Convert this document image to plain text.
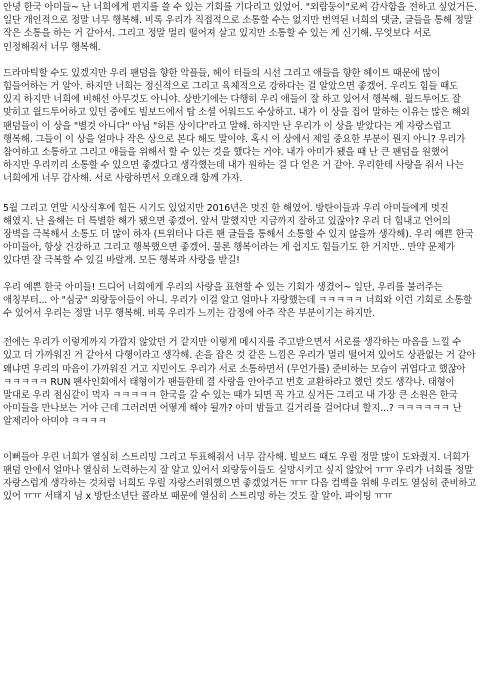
안녕 한국 아미들~ 난 너희에게 편지를 쓸 수 있는 기회를 기다리고 있었어. "외람둥이"로써 감사함을 전하고 싶었거든. 일단 개인적으로 정말 너무 행복해. 비록 우리가 직접적으로 소통할 수는 없지만 번역된 너희의 댓글, 글들을 통해 정말 작은 소통을 하는 거 같아서. 그리고 정말 멀리 떨어져 살고 있지만 소통할 수 있는 게 신기해. 무엇보다 서로 인정해줘서 너무 행복해.

드라마틱할 수도 있겠지만 우리 팬덤을 향한 악플들, 헤이 터들의 시선 그리고 애들을 향한 헤이트 때문에 많이 힘들어하는 거 알아. 하지만 너희는 정신적으로 그리고 육체적으로 강하다는 걸 알았으면 좋겠어. 우리도 힘들 때도 있지 하지만 너희에 비해선 아무것도 아니야. 상반기에는 다행히 우리 애들이 잘 하고 있어서 행복해. 월드투어도 잘 맞히고 월드투어하고 있던 중에도 빌보드에서 탑 소셜 어워드도 수상하고. 내가 이 상을 집어 말하는 이유는 많은 해외 팬덤들이 이 상을 "별것 아니다" 아님 "허튼 상이다"라고 말해. 하지만 난 우리가 이 상을 받았다는 게 자랑스럽고 행복해. 그들이 이 상을 얼마나 작은 상으로 본다 해도 말이야. 혹시 이 상에서 제일 중요한 부분이 뭔지 아니? 우리가 참여하고 소통하고 그리고 애들을 위해서 할 수 있는 것을 했다는 거야. 내가 아미가 됐을 때 난 큰 팬덤을 원했어 하지만 우리끼리 소통할 수 있으면 좋겠다고 생각했는데 내가 원하는 걸 다 얻은 거 같아. 우리한테 사랑을 줘서 나는 너희에게 너무 감사해. 서로 사랑하면서 오래오래 함께 가자.

5월 그리고 연말 시상식후에 힘든 시기도 있었지만 2016년은 멋진 한 해였어. 방탄이들과 우리 아미들에게 멋진 해였지. 난 올해는 더 특별한 해가 됐으면 좋겠어. 앞서 말했지만 지금까지 잘하고 있잖아? 우리 더 힘내고 언어의 장벽을 극복해서 소통도 더 많이 하자 (트위터나 다른 팬 글들을 통해서 소통할 수 있지 않을까 생각해). 우리 예쁜 한국 아미들아, 항상 건강하고 그리고 행복했으면 좋겠어. 물론 행복이라는 게 쉽지도 힘들기도 한 거지만.. 만약 문제가 있다면 잘 극복할 수 있길 바랄게. 모든 행복과 사랑을 받길!

우리 예쁜 한국 아미들! 드디어 너희에게 우리의 사랑을 표현할 수 있는 기회가 생겼어~ 일단, 우리를 불러주는 애칭부터... 아 "심궁" 외랑둥이들이 아니. 우리가 이걸 알고 얼마나 자랑했는데 ㅋㅋㅋㅋㅋ 너희와 이런 기회로 소통할 수 있어서 우리는 정말 너무 행복해. 비록 우리가 느끼는 감정에 아주 작은 부분이기는 하지만.

전에는 우리가 이렇게까지 가깝지 않았던 거 같지만 이렇게 메시지를 주고받으면서 서로를 생각하는 마음을 느낄 수 있고 더 가까워진 거 같아서 다행이라고 생각해. 손을 잡은 것 같은 느낌은 우리가 멀리 떨어져 있어도 상관없는 거 같아 왜냐면 우리의 마음이 가까워진 거고 지민이도 우리가 서로 소통하면서 (무언가를) 준비하는 모습이 귀엽다고 했잖아 ㅋㅋㅋㅋㅋ RUN 팬사인회에서 태형이가 팬들한테 결 사랑을 안아주고 번호 교환하라고 했던 것도 생각나. 태형이 말대로 우리 점심같이 먹자 ㅋㅋㅋㅋㅋ 한국을 갈 수 있는 때가 되면 꼭 가고 싶거든 그리고 내 가장 큰 소원은 한국 아미들을 만나보는 거야 근데 그러려면 어떻게 해야 될까? 아미 밤들고 길거리를 걸어다녀 할지...? ㅋㅋㅋㅋㅋㅋ 난 알제리아 아미야 ㅋㅋㅋㅋ

이뻐들아 우린 너희가 열심히 스트리밍 그리고 투표해줘서 너무 감사해. 빌보드 때도 우릴 정말 많이 도와줬지. 너희가 팬덤 안에서 얼마나 열심히 노력하는지 잘 알고 있어서 외랑둥이들도 실망시키고 싶지 않았어 ㅠㅠ 우리가 너희를 정말 자랑스럽게 생각하는 것처럼 너희도 우릴 자랑스러워했으면 좋겠었거든 ㅠㅠ 다음 컴백을 위해 우리도 열심히 준비하고 있어 ㅠㅠ 서태지 님 x 방탄소년단 콜라보 때문에 열심히 스트리밍 하는 것도 잘 알아. 파이팅 ㅠㅠ
